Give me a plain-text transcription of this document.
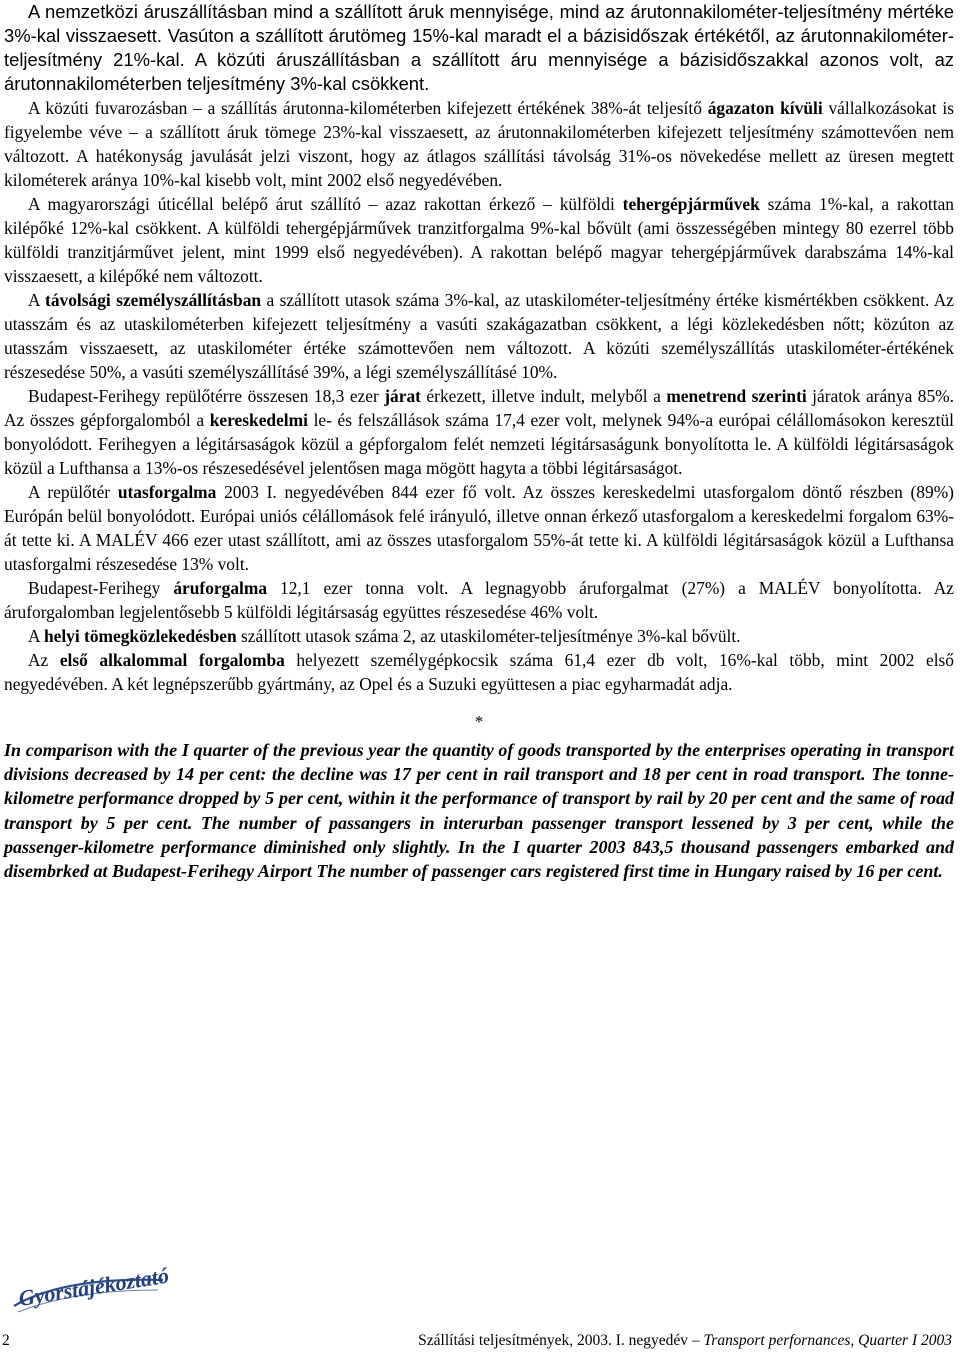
A nemzetközi áruszállításban mind a szállított áruk mennyisége, mind az árutonnakilométer-teljesítmény mértéke 3%-kal visszaesett. Vasúton a szállított árutömeg 15%-kal maradt el a bázisidőszak értékétől, az árutonnakilométer-teljesítmény 21%-kal. A közúti áruszállításban a szállított áru mennyisége a bázisidőszakkal azonos volt, az árutonnakilométerben teljesítmény 3%-kal csökkent.

A közúti fuvarozásban – a szállítás árutonna-kilométerben kifejezett értékének 38%-át teljesítő ágazaton kívüli vállalkozásokat is figyelembe véve – a szállított áruk tömege 23%-kal visszaesett, az árutonnakilométerben kifejezett teljesítmény számottevően nem változott. A hatékonyság javulását jelzi viszont, hogy az átlagos szállítási távolság 31%-os növekedése mellett az üresen megtett kilométerek aránya 10%-kal kisebb volt, mint 2002 első negyedévében.

A magyarországi úticéllal belépő árut szállító – azaz rakottan érkező – külföldi tehergépjárművek száma 1%-kal, a rakottan kilépőké 12%-kal csökkent. A külföldi tehergépjárművek tranzitforgalma 9%-kal bővült (ami összességében mintegy 80 ezerrel több külföldi tranzitjárművet jelent, mint 1999 első negyedévében). A rakottan belépő magyar tehergépjárművek darabszáma 14%-kal visszaesett, a kilépőké nem változott.

A távolsági személyszállításban a szállított utasok száma 3%-kal, az utaskilométer-teljesítmény értéke kismértékben csökkent. Az utasszám és az utaskilométerben kifejezett teljesítmény a vasúti szakágazatban csökkent, a légi közlekedésben nőtt; közúton az utasszám visszaesett, az utaskilométer értéke számottevően nem változott. A közúti személyszállítás utaskilométer-értékének részesedése 50%, a vasúti személyszállításé 39%, a légi személyszállításé 10%.

Budapest-Ferihegy repülőtérre összesen 18,3 ezer járat érkezett, illetve indult, melyből a menetrend szerinti járatok aránya 85%. Az összes gépforgalomból a kereskedelmi le- és felszállások száma 17,4 ezer volt, melynek 94%-a európai célállomásokon keresztül bonyolódott. Ferihegyen a légitársaságok közül a gépforgalom felét nemzeti légitársaságunk bonyolította le. A külföldi légitársaságok közül a Lufthansa a 13%-os részesedésével jelentősen maga mögött hagyta a többi légitársaságot.

A repülőtér utasforgalma 2003 I. negyedévében 844 ezer fő volt. Az összes kereskedelmi utasforgalom döntő részben (89%) Európán belül bonyolódott. Európai uniós célállomások felé irányuló, illetve onnan érkező utasforgalom a kereskedelmi forgalom 63%-át tette ki. A MALÉV 466 ezer utast szállított, ami az összes utasforgalom 55%-át tette ki. A külföldi légitársaságok közül a Lufthansa utasforgalmi részesedése 13% volt.

Budapest-Ferihegy áruforgalma 12,1 ezer tonna volt. A legnagyobb áruforgalmat (27%) a MALÉV bonyolította. Az áruforgalomban legjelentősebb 5 külföldi légitársaság együttes részesedése 46% volt.

A helyi tömegközlekedésben szállított utasok száma 2, az utaskilométer-teljesítménye 3%-kal bővült.

Az első alkalommal forgalomba helyezett személygépkocsik száma 61,4 ezer db volt, 16%-kal több, mint 2002 első negyedévében. A két legnépszerűbb gyártmány, az Opel és a Suzuki együttesen a piac egyharmadát adja.

*

In comparison with the I quarter of the previous year the quantity of goods transported by the enterprises operating in transport divisions decreased by 14 per cent: the decline was 17 per cent in rail transport and 18 per cent in road transport. The tonne-kilometre performance dropped by 5 per cent, within it the performance of transport by rail by 20 per cent and the same of road transport by 5 per cent. The number of passangers in interurban passenger transport lessened by 3 per cent, while the passenger-kilometre performance diminished only slightly. In the I quarter 2003 843,5 thousand passengers embarked and disembrked at Budapest-Ferihegy Airport The number of passenger cars registered first time in Hungary raised by 16 per cent.

Gyorstájékoztató
2	Szállítási teljesítmények, 2003. I. negyedév – Transport perfornances, Quarter I 2003
